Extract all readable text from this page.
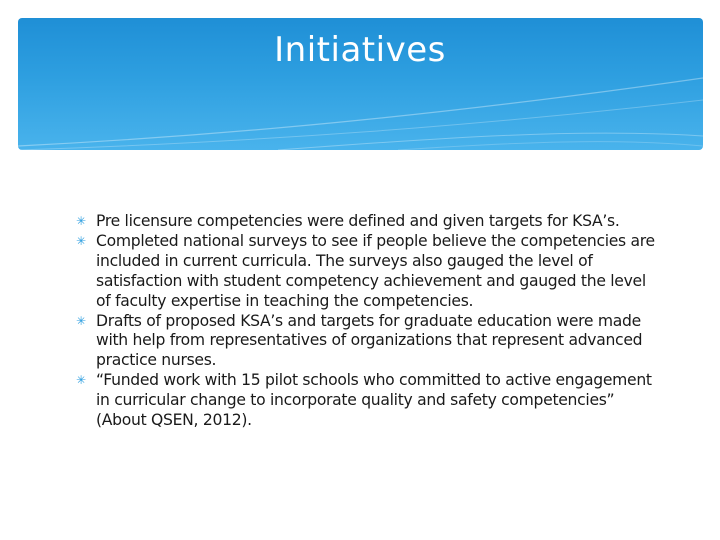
Initiatives
✳ Pre licensure competencies were defined and given targets for KSA’s.
✳ Completed national surveys to see if people believe the competencies are included in current curricula. The surveys also gauged the level of satisfaction with student competency achievement and gauged the level of faculty expertise in teaching the competencies.
✳ Drafts of proposed KSA’s and targets for graduate education were made with help from representatives of organizations that represent advanced practice nurses.
✳ “Funded work with 15 pilot schools who committed to active engagement in curricular change to incorporate quality and safety competencies” (About QSEN, 2012).
